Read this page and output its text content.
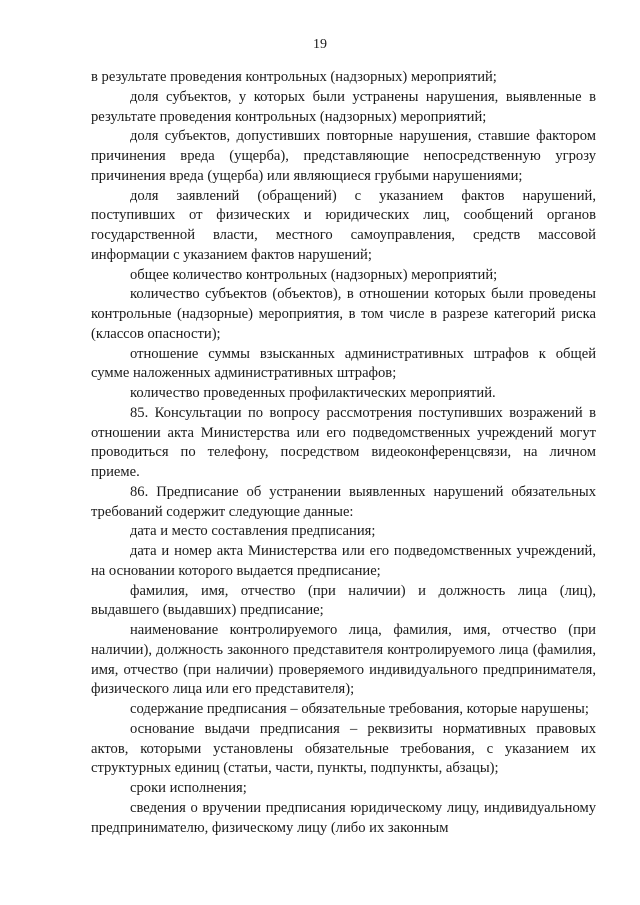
19

в результате проведения контрольных (надзорных) мероприятий;

доля субъектов, у которых были устранены нарушения, выявленные в результате проведения контрольных (надзорных) мероприятий;

доля субъектов, допустивших повторные нарушения, ставшие фактором причинения вреда (ущерба), представляющие непосредственную угрозу причинения вреда (ущерба) или являющиеся грубыми нарушениями;

доля заявлений (обращений) с указанием фактов нарушений, поступивших от физических и юридических лиц, сообщений органов государственной власти, местного самоуправления, средств массовой информации с указанием фактов нарушений;

общее количество контрольных (надзорных) мероприятий;

количество субъектов (объектов), в отношении которых были проведены контрольные (надзорные) мероприятия, в том числе в разрезе категорий риска (классов опасности);

отношение суммы взысканных административных штрафов к общей сумме наложенных административных штрафов;

количество проведенных профилактических мероприятий.

85. Консультации по вопросу рассмотрения поступивших возражений в отношении акта Министерства или его подведомственных учреждений могут проводиться по телефону, посредством видеоконференцсвязи, на личном приеме.

86. Предписание об устранении выявленных нарушений обязательных требований содержит следующие данные:

дата и место составления предписания;

дата и номер акта Министерства или его подведомственных учреждений, на основании которого выдается предписание;

фамилия, имя, отчество (при наличии) и должность лица (лиц), выдавшего (выдавших) предписание;

наименование контролируемого лица, фамилия, имя, отчество (при наличии), должность законного представителя контролируемого лица (фамилия, имя, отчество (при наличии) проверяемого индивидуального предпринимателя, физического лица или его представителя);

содержание предписания – обязательные требования, которые нарушены;

основание выдачи предписания – реквизиты нормативных правовых актов, которыми установлены обязательные требования, с указанием их структурных единиц (статьи, части, пункты, подпункты, абзацы);

сроки исполнения;

сведения о вручении предписания юридическому лицу, индивидуальному предпринимателю, физическому лицу (либо их законным
